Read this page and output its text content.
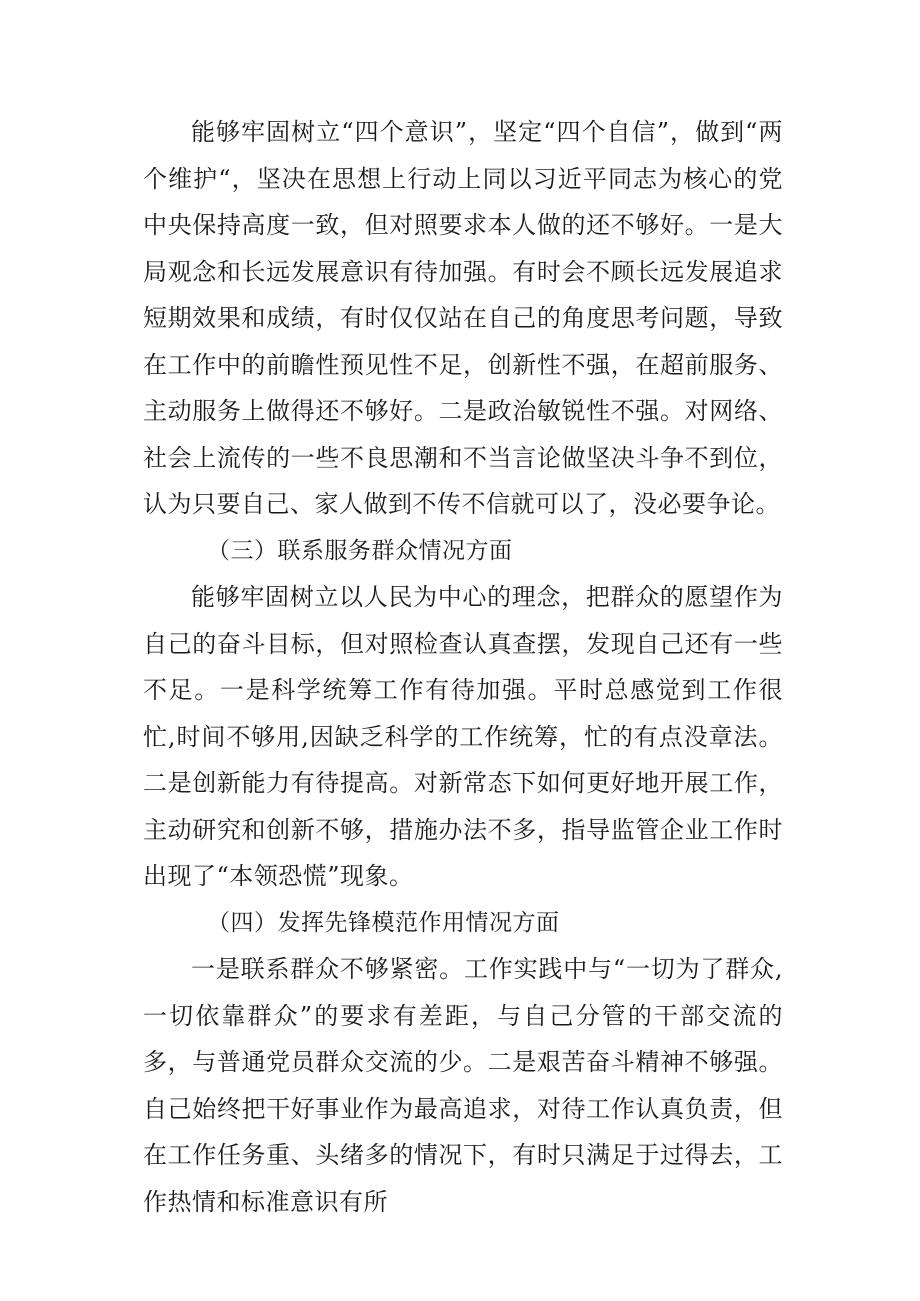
能够牢固树立“四个意识”，坚定“四个自信”，做到“两个维护“，坚决在思想上行动上同以习近平同志为核心的党中央保持高度一致，但对照要求本人做的还不够好。一是大局观念和长远发展意识有待加强。有时会不顾长远发展追求短期效果和成绩，有时仅仅站在自己的角度思考问题，导致在工作中的前瞻性预见性不足，创新性不强，在超前服务、主动服务上做得还不够好。二是政治敏锐性不强。对网络、社会上流传的一些不良思潮和不当言论做坚决斗争不到位，认为只要自己、家人做到不传不信就可以了，没必要争论。

（三）联系服务群众情况方面

能够牢固树立以人民为中心的理念，把群众的愿望作为自己的奋斗目标，但对照检查认真查摆，发现自己还有一些不足。一是科学统筹工作有待加强。平时总感觉到工作很忙,时间不够用,因缺乏科学的工作统筹，忙的有点没章法。二是创新能力有待提高。对新常态下如何更好地开展工作，主动研究和创新不够，措施办法不多，指导监管企业工作时出现了“本领恐慌”现象。

（四）发挥先锋模范作用情况方面

一是联系群众不够紧密。工作实践中与“一切为了群众,一切依靠群众”的要求有差距，与自己分管的干部交流的多，与普通党员群众交流的少。二是艰苦奋斗精神不够强。自己始终把干好事业作为最高追求，对待工作认真负责，但在工作任务重、头绪多的情况下，有时只满足于过得去，工作热情和标准意识有所
